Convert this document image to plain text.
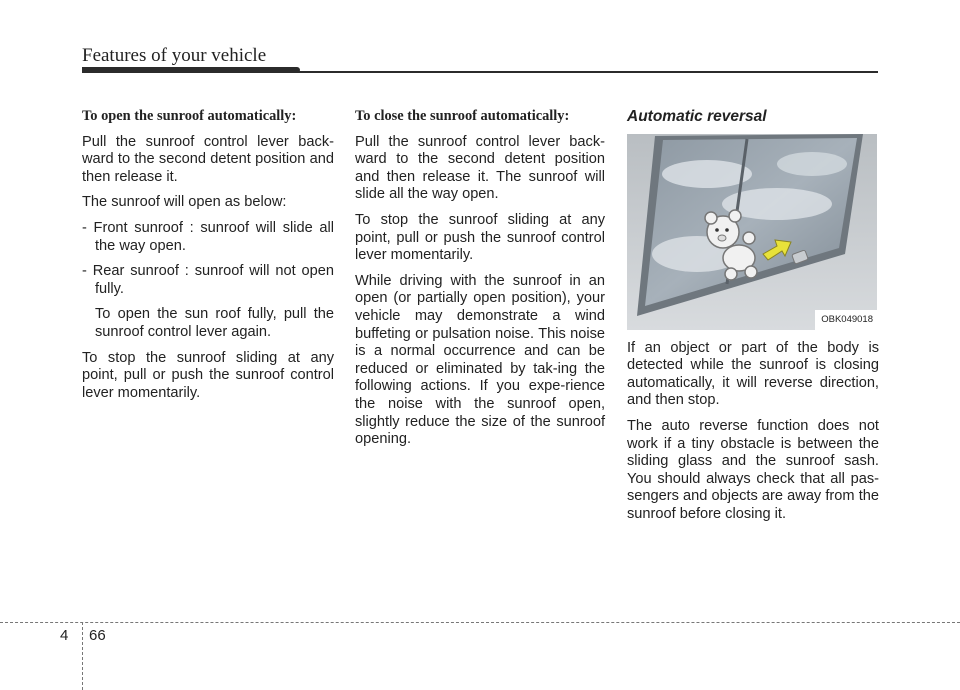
Features of your vehicle

To open the sunroof automatically:

Pull the sunroof control lever back-ward to the second detent position and then release it.

The sunroof will open as below:

- Front sunroof : sunroof will slide all the way open.

- Rear sunroof : sunroof will not open fully.

To open the sun roof fully, pull the sunroof control lever again.

To stop the sunroof sliding at any point, pull or push the sunroof control lever momentarily.

To close the sunroof automatically:

Pull the sunroof control lever back-ward to the second detent position and then release it. The sunroof will slide all the way open.

To stop the sunroof sliding at any point, pull or push the sunroof control lever momentarily.

While driving with the sunroof in an open (or partially open position), your vehicle may demonstrate a wind buffeting or pulsation noise. This noise is a normal occurrence and can be reduced or eliminated by tak-ing the following actions. If you expe-rience the noise with the sunroof open, slightly reduce the size of the sunroof opening.

Automatic reversal

OBK049018

If an object or part of the body is detected while the sunroof is closing automatically, it will reverse direction, and then stop.

The auto reverse function does not work if a tiny obstacle is between the sliding glass and the sunroof sash. You should always check that all pas-sengers and objects are away from the sunroof before closing it.

4 66
